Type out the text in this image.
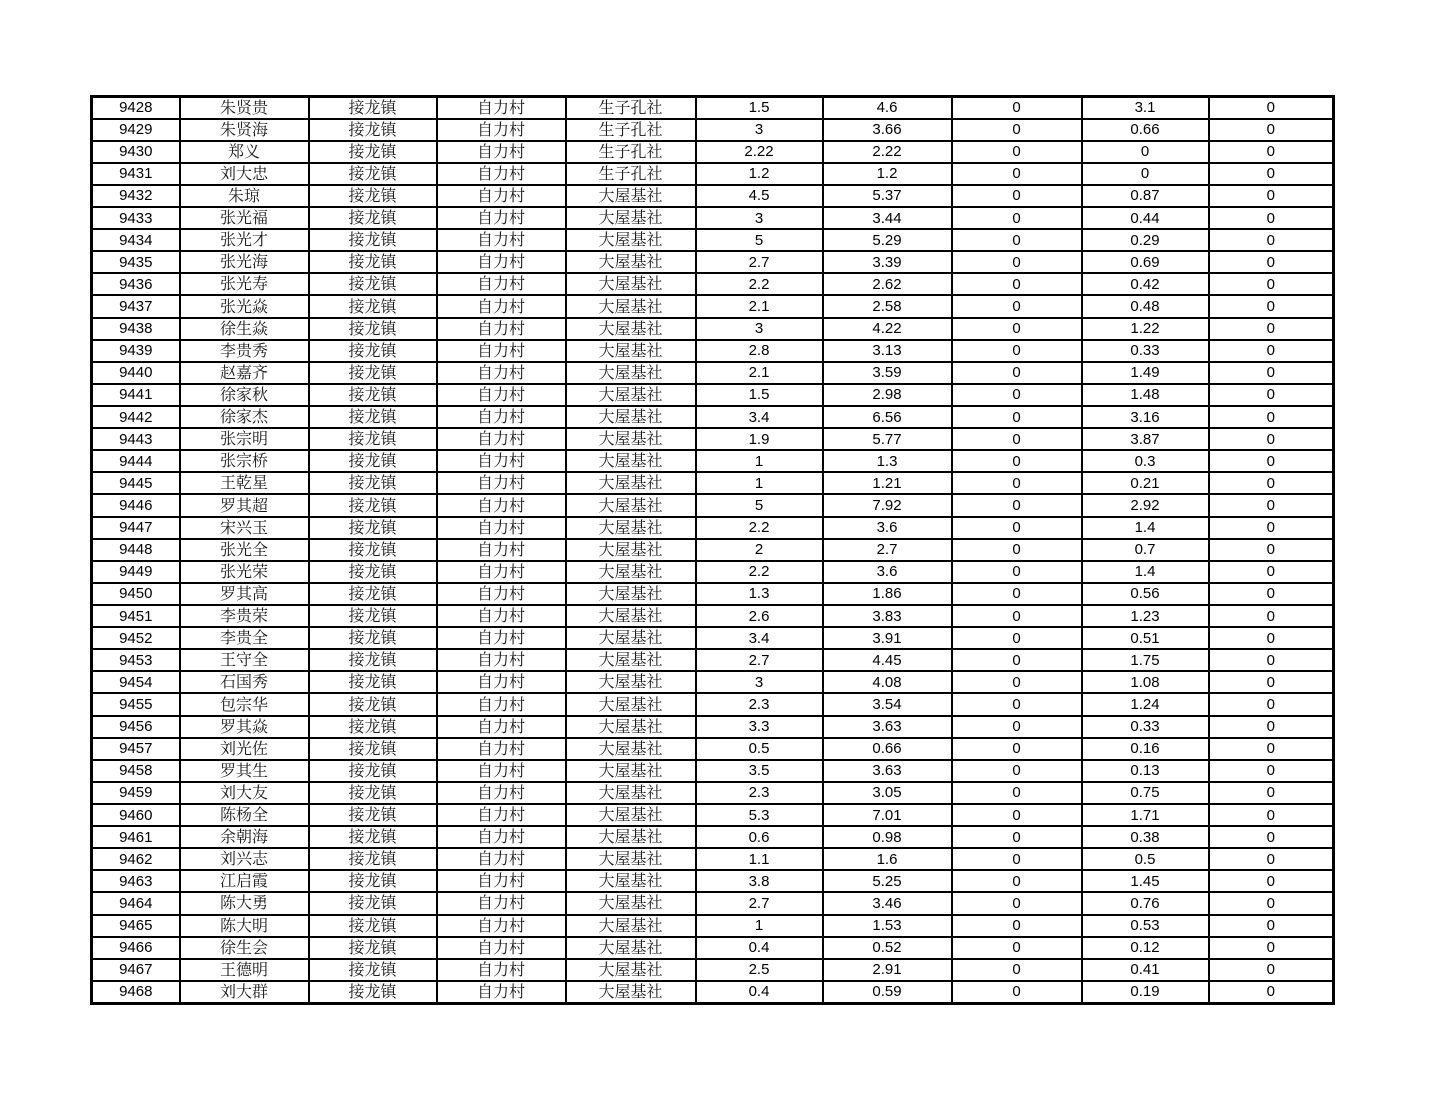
9428	朱贤贵	接龙镇	自力村	生子孔社	1.5	4.6	0	3.1	0
9429	朱贤海	接龙镇	自力村	生子孔社	3	3.66	0	0.66	0
9430	郑义	接龙镇	自力村	生子孔社	2.22	2.22	0	0	0
9431	刘大忠	接龙镇	自力村	生子孔社	1.2	1.2	0	0	0
9432	朱琼	接龙镇	自力村	大屋基社	4.5	5.37	0	0.87	0
9433	张光福	接龙镇	自力村	大屋基社	3	3.44	0	0.44	0
9434	张光才	接龙镇	自力村	大屋基社	5	5.29	0	0.29	0
9435	张光海	接龙镇	自力村	大屋基社	2.7	3.39	0	0.69	0
9436	张光寿	接龙镇	自力村	大屋基社	2.2	2.62	0	0.42	0
9437	张光焱	接龙镇	自力村	大屋基社	2.1	2.58	0	0.48	0
9438	徐生焱	接龙镇	自力村	大屋基社	3	4.22	0	1.22	0
9439	李贵秀	接龙镇	自力村	大屋基社	2.8	3.13	0	0.33	0
9440	赵嘉齐	接龙镇	自力村	大屋基社	2.1	3.59	0	1.49	0
9441	徐家秋	接龙镇	自力村	大屋基社	1.5	2.98	0	1.48	0
9442	徐家杰	接龙镇	自力村	大屋基社	3.4	6.56	0	3.16	0
9443	张宗明	接龙镇	自力村	大屋基社	1.9	5.77	0	3.87	0
9444	张宗桥	接龙镇	自力村	大屋基社	1	1.3	0	0.3	0
9445	王乾星	接龙镇	自力村	大屋基社	1	1.21	0	0.21	0
9446	罗其超	接龙镇	自力村	大屋基社	5	7.92	0	2.92	0
9447	宋兴玉	接龙镇	自力村	大屋基社	2.2	3.6	0	1.4	0
9448	张光全	接龙镇	自力村	大屋基社	2	2.7	0	0.7	0
9449	张光荣	接龙镇	自力村	大屋基社	2.2	3.6	0	1.4	0
9450	罗其高	接龙镇	自力村	大屋基社	1.3	1.86	0	0.56	0
9451	李贵荣	接龙镇	自力村	大屋基社	2.6	3.83	0	1.23	0
9452	李贵全	接龙镇	自力村	大屋基社	3.4	3.91	0	0.51	0
9453	王守全	接龙镇	自力村	大屋基社	2.7	4.45	0	1.75	0
9454	石国秀	接龙镇	自力村	大屋基社	3	4.08	0	1.08	0
9455	包宗华	接龙镇	自力村	大屋基社	2.3	3.54	0	1.24	0
9456	罗其焱	接龙镇	自力村	大屋基社	3.3	3.63	0	0.33	0
9457	刘光佐	接龙镇	自力村	大屋基社	0.5	0.66	0	0.16	0
9458	罗其生	接龙镇	自力村	大屋基社	3.5	3.63	0	0.13	0
9459	刘大友	接龙镇	自力村	大屋基社	2.3	3.05	0	0.75	0
9460	陈杨全	接龙镇	自力村	大屋基社	5.3	7.01	0	1.71	0
9461	余朝海	接龙镇	自力村	大屋基社	0.6	0.98	0	0.38	0
9462	刘兴志	接龙镇	自力村	大屋基社	1.1	1.6	0	0.5	0
9463	江启霞	接龙镇	自力村	大屋基社	3.8	5.25	0	1.45	0
9464	陈大勇	接龙镇	自力村	大屋基社	2.7	3.46	0	0.76	0
9465	陈大明	接龙镇	自力村	大屋基社	1	1.53	0	0.53	0
9466	徐生会	接龙镇	自力村	大屋基社	0.4	0.52	0	0.12	0
9467	王德明	接龙镇	自力村	大屋基社	2.5	2.91	0	0.41	0
9468	刘大群	接龙镇	自力村	大屋基社	0.4	0.59	0	0.19	0
